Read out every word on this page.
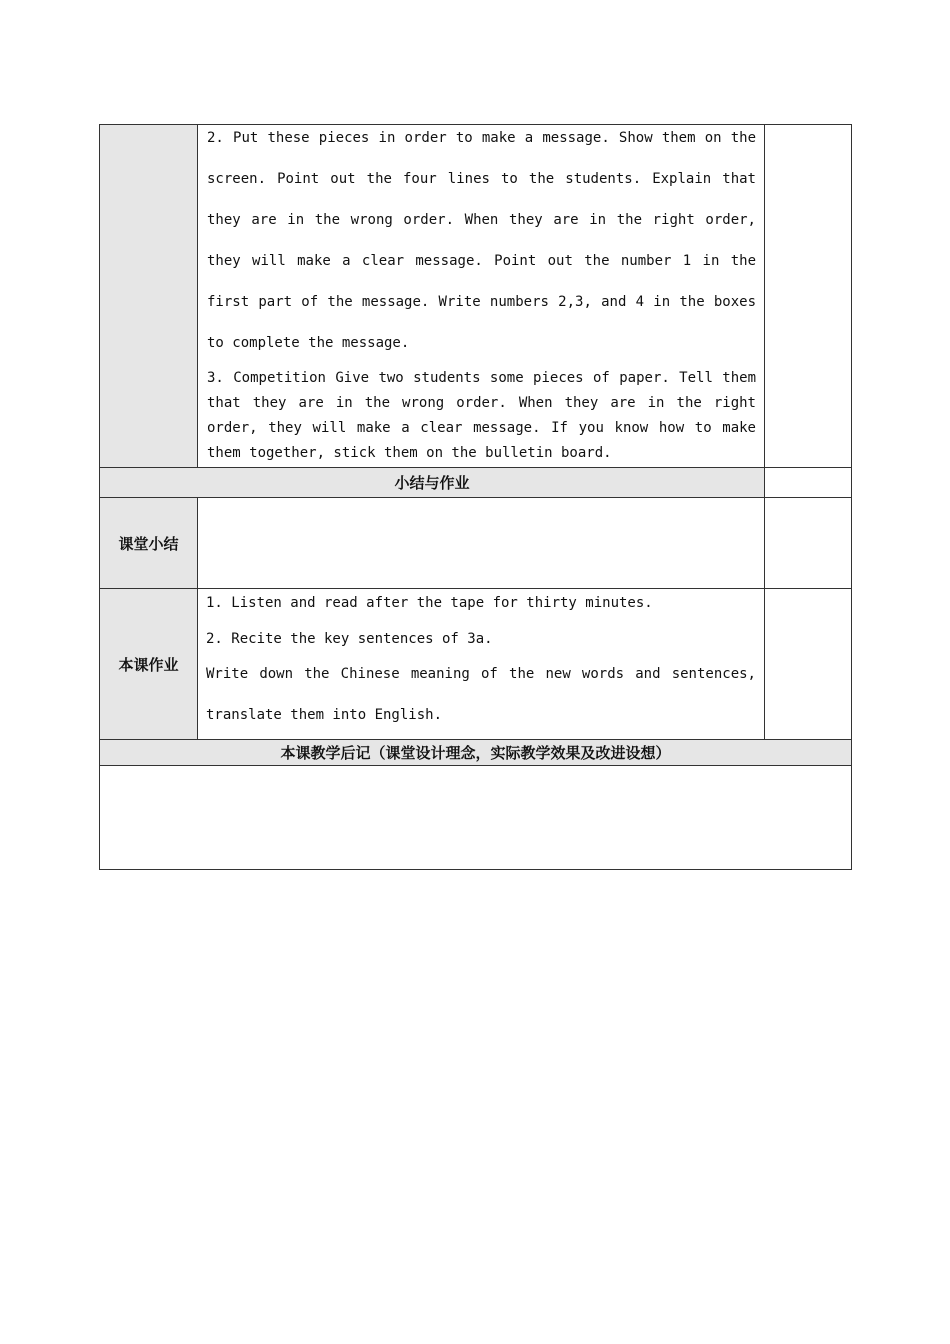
	2. Put these pieces in order to make a message. Show them on the screen. Point out the four lines to the students. Explain that they are in the wrong order. When they are in the right order, they will make a clear message. Point out the number 1 in the first part of the message. Write numbers 2,3, and 4 in the boxes to complete the message.

3. Competition Give two students some pieces of paper. Tell them that they are in the wrong order. When they are in the right order, they will make a clear message. If you know how to make them together, stick them on the bulletin board.	

小结与作业		
课堂小结		
本课作业	1. Listen and read after the tape for thirty minutes.

2. Recite the key sentences of 3a.

Write down the Chinese meaning of the new words and sentences, translate them into English.	

本课教学后记（课堂设计理念，实际教学效果及改进设想）		
